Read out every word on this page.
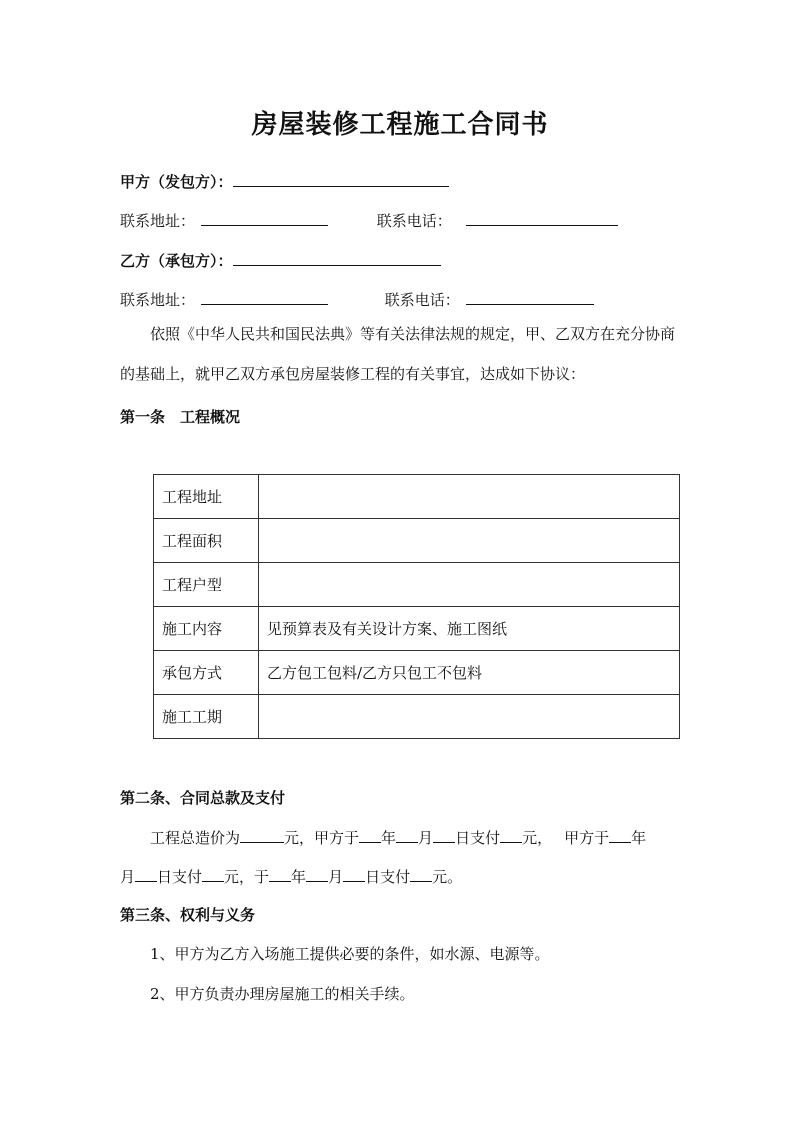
房屋装修工程施工合同书
甲方（发包方）：
联系地址：	联系电话：
乙方（承包方）：
联系地址：	联系电话：
依照《中华人民共和国民法典》等有关法律法规的规定，甲、乙双方在充分协商的基础上，就甲乙双方承包房屋装修工程的有关事宜，达成如下协议：
第一条　工程概况
工程地址	
工程面积	
工程户型	
施工内容	见预算表及有关设计方案、施工图纸
承包方式	乙方包工包料/乙方只包工不包料
施工工期	
第二条、合同总款及支付
工程总造价为	元，甲方于 年 月 日支付 元， 甲方于 年
月 日支付 元，于 年 月 日支付 元。
第三条、权利与义务
1、甲方为乙方入场施工提供必要的条件，如水源、电源等。
2、甲方负责办理房屋施工的相关手续。
